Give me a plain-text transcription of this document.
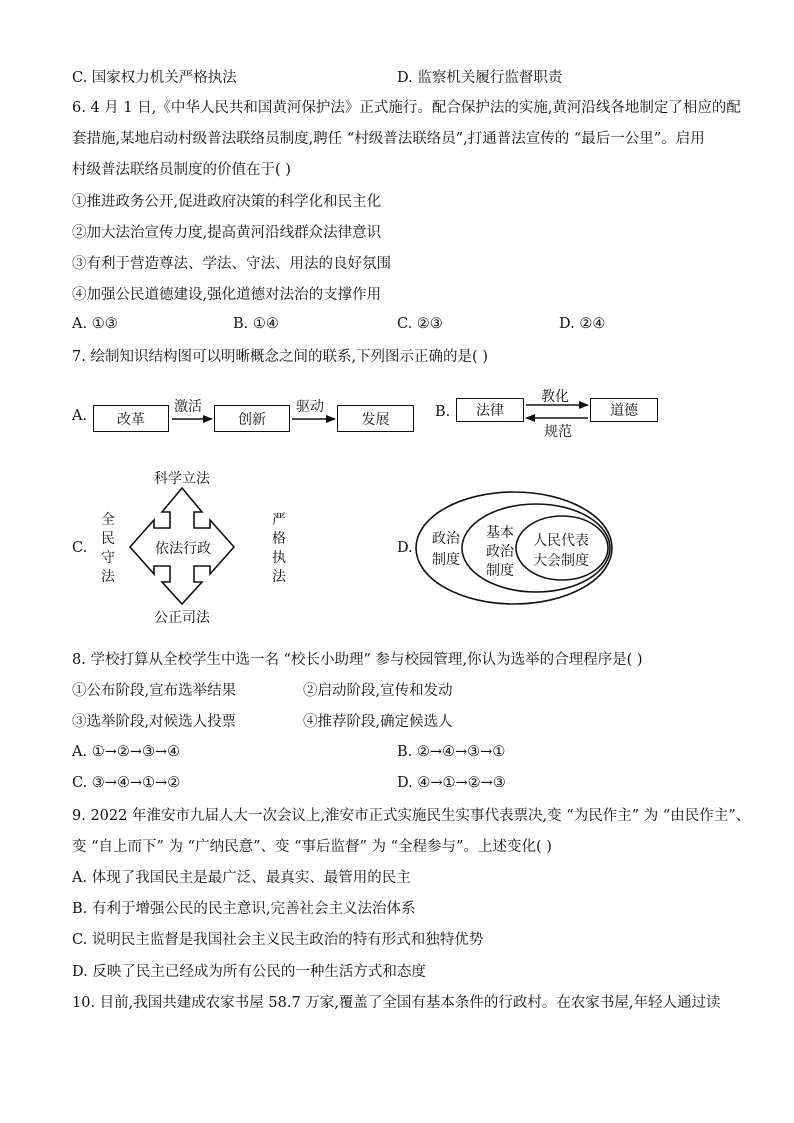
C. 国家权力机关严格执法	D. 监察机关履行监督职责
6. 4 月 1 日,《中华人民共和国黄河保护法》正式施行。配合保护法的实施,黄河沿线各地制定了相应的配
套措施,某地启动村级普法联络员制度,聘任 “村级普法联络员”,打通普法宣传的 “最后一公里”。启用
村级普法联络员制度的价值在于( )
①推进政务公开,促进政府决策的科学化和民主化
②加大法治宣传力度,提高黄河沿线群众法律意识
③有利于营造尊法、学法、守法、用法的良好氛围
④加强公民道德建设,强化道德对法治的支撑作用
A. ①③	B. ①④	C. ②③	D. ②④
7. 绘制知识结构图可以明晰概念之间的联系,下列图示正确的是( )
A.	改革
激活
创新
驱动
发展	B.	法律
教化
规范
道德
C.	依法行政
科学立法
公正司法
全民守法
严格执法
D.
政治
制度
基本
政治
制度
人民代表
大会制度
8. 学校打算从全校学生中选一名 “校长小助理” 参与校园管理,你认为选举的合理程序是( )
①公布阶段,宣布选举结果	②启动阶段,宣传和发动
③选举阶段,对候选人投票	④推荐阶段,确定候选人
A. ①→②→③→④	B. ②→④→③→①
C. ③→④→①→②	D. ④→①→②→③
9. 2022 年淮安市九届人大一次会议上,淮安市正式实施民生实事代表票决,变 “为民作主” 为 “由民作主”、
变 “自上而下” 为 “广纳民意”、变 “事后监督” 为 “全程参与”。上述变化( )
A. 体现了我国民主是最广泛、最真实、最管用的民主
B. 有利于增强公民的民主意识,完善社会主义法治体系
C. 说明民主监督是我国社会主义民主政治的特有形式和独特优势
D. 反映了民主已经成为所有公民的一种生活方式和态度
10. 目前,我国共建成农家书屋 58.7 万家,覆盖了全国有基本条件的行政村。在农家书屋,年轻人通过读
